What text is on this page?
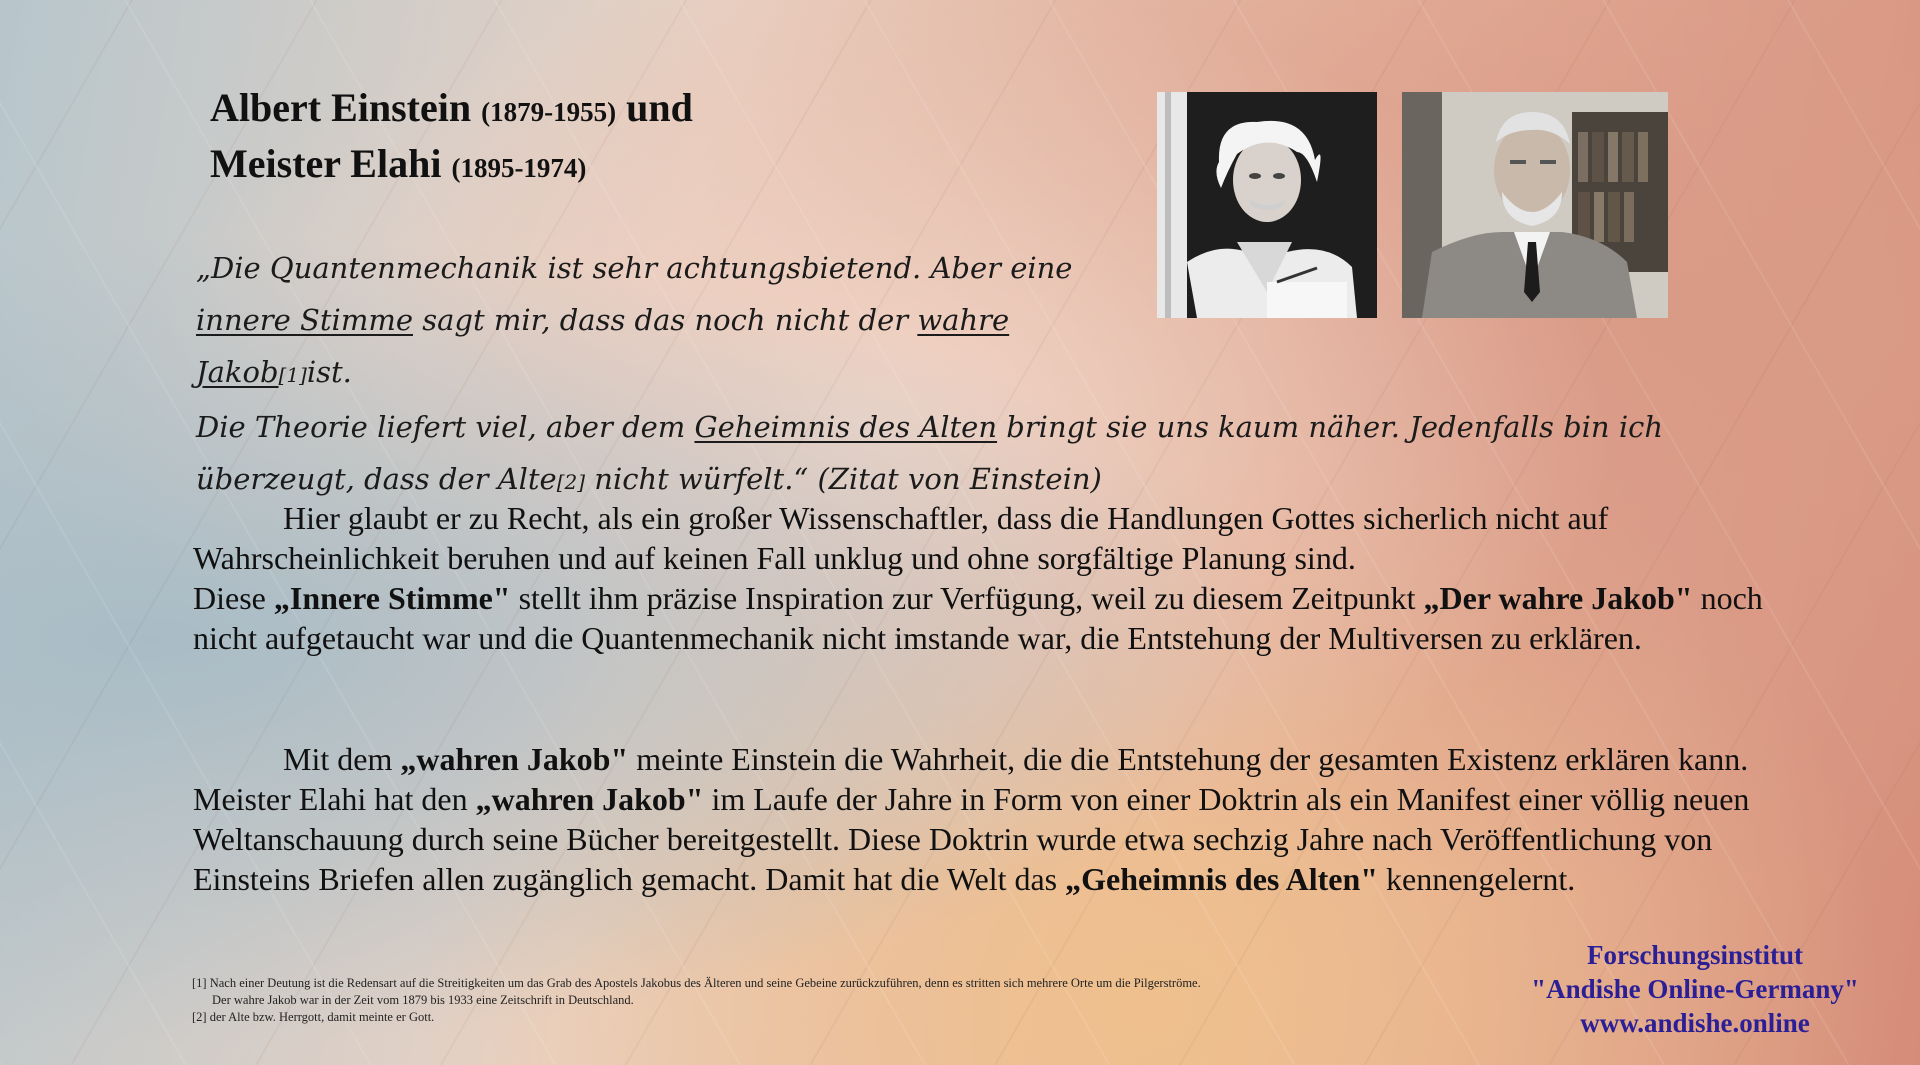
Albert Einstein (1879-1955) und
Meister Elahi (1895-1974)
„Die Quantenmechanik ist sehr achtungsbietend. Aber eine innere Stimme sagt mir, dass das noch nicht der wahre Jakob[1]ist.
Die Theorie liefert viel, aber dem Geheimnis des Alten bringt sie uns kaum näher. Jedenfalls bin ich überzeugt, dass der Alte[2] nicht würfelt.“ (Zitat von Einstein)
Hier glaubt er zu Recht, als ein großer Wissenschaftler, dass die Handlungen Gottes sicherlich nicht auf Wahrscheinlichkeit beruhen und auf keinen Fall unklug und ohne sorgfältige Planung sind.
Diese „Innere Stimme" stellt ihm präzise Inspiration zur Verfügung, weil zu diesem Zeitpunkt „Der wahre Jakob" noch nicht aufgetaucht war und die Quantenmechanik nicht imstande war, die Entstehung der Multiversen zu erklären.
Mit dem „wahren Jakob" meinte Einstein die Wahrheit, die die Entstehung der gesamten Existenz erklären kann. Meister Elahi hat den „wahren Jakob" im Laufe der Jahre in Form von einer Doktrin als ein Manifest einer völlig neuen Weltanschauung durch seine Bücher bereitgestellt. Diese Doktrin wurde etwa sechzig Jahre nach Veröffentlichung von Einsteins Briefen allen zugänglich gemacht. Damit hat die Welt das „Geheimnis des Alten" kennengelernt.
[1] Nach einer Deutung ist die Redensart auf die Streitigkeiten um das Grab des Apostels Jakobus des Älteren und seine Gebeine zurückzuführen, denn es stritten sich mehrere Orte um die Pilgerströme.
Der wahre Jakob war in der Zeit vom 1879 bis 1933 eine Zeitschrift in Deutschland.
[2] der Alte bzw. Herrgott, damit meinte er Gott.
Forschungsinstitut
"Andishe Online-Germany"
www.andishe.online
